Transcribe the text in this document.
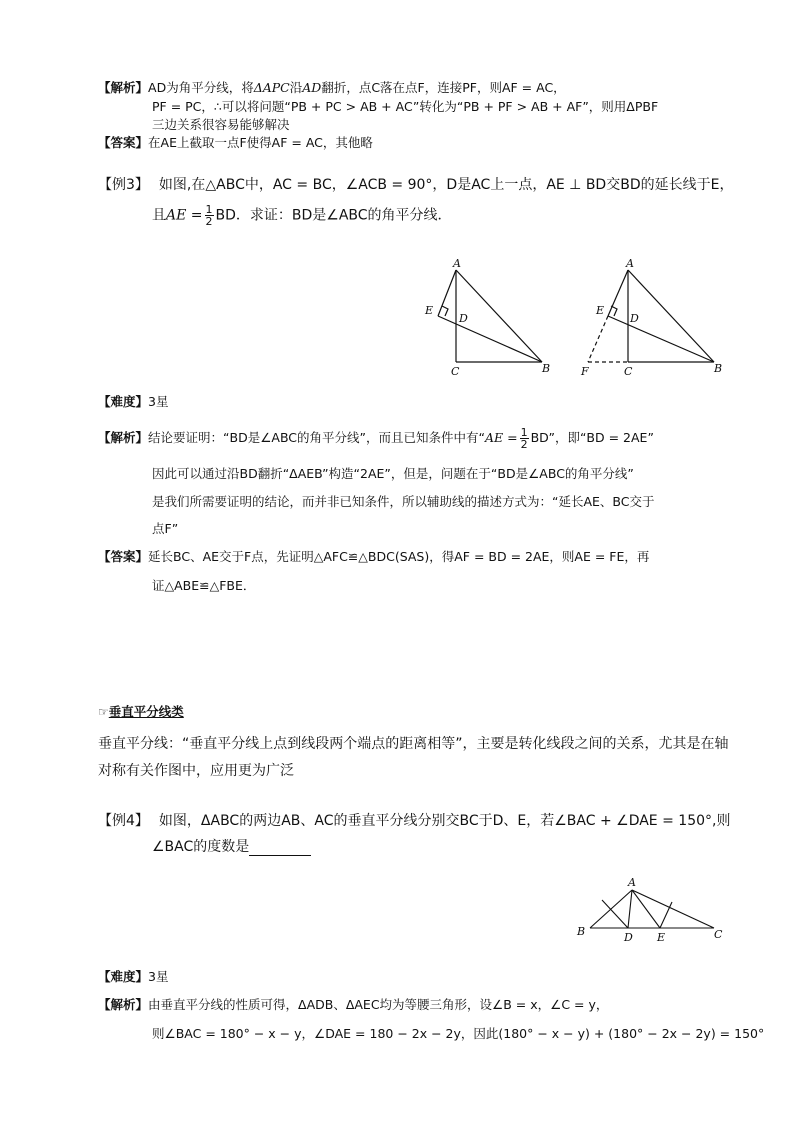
【解析】AD为角平分线，将ΔAPC沿AD翻折，点C落在点F，连接PF，则AF = AC，
PF = PC，∴可以将问题“PB + PC > AB + AC”转化为“PB + PF > AB + AF”，则用ΔPBF
三边关系很容易能够解决
【答案】在AE上截取一点F使得AF = AC，其他略
【例3】 如图,在△ABC中，AC = BC，∠ACB = 90°，D是AC上一点，AE ⊥ BD交BD的延长线于E，
且AE = $\frac{1}{2}$ BD．求证：BD是∠ABC的角平分线．
A
E
D
C	B
A
E
D
C
F	B
【难度】3星
【解析】结论要证明：“BD是∠ABC的角平分线”，而且已知条件中有“AE = $\frac{1}{2}$ BD”，即“BD = 2AE”
因此可以通过沿BD翻折“ΔAEB”构造“2AE”，但是，问题在于“BD是∠ABC的角平分线”
是我们所需要证明的结论，而并非已知条件，所以辅助线的描述方式为：“延长AE、BC交于
点F”
【答案】延长BC、AE交于F点，先证明△AFC≌△BDC(SAS)，得AF = BD = 2AE，则AE = FE，再
证△ABE≌△FBE．
☞垂直平分线类
垂直平分线：“垂直平分线上点到线段两个端点的距离相等”，主要是转化线段之间的关系，尤其是在轴
对称有关作图中，应用更为广泛
【例4】 如图，ΔABC的两边AB、AC的垂直平分线分别交BC于D、E，若∠BAC + ∠DAE = 150°,则
∠BAC的度数是
A
B	D E	C
【难度】3星
【解析】由垂直平分线的性质可得，ΔADB、ΔAEC均为等腰三角形，设∠B = x，∠C = y，
则∠BAC = 180° − x − y，∠DAE = 180 − 2x − 2y，因此(180° − x − y) + (180° − 2x − 2y) = 150°
